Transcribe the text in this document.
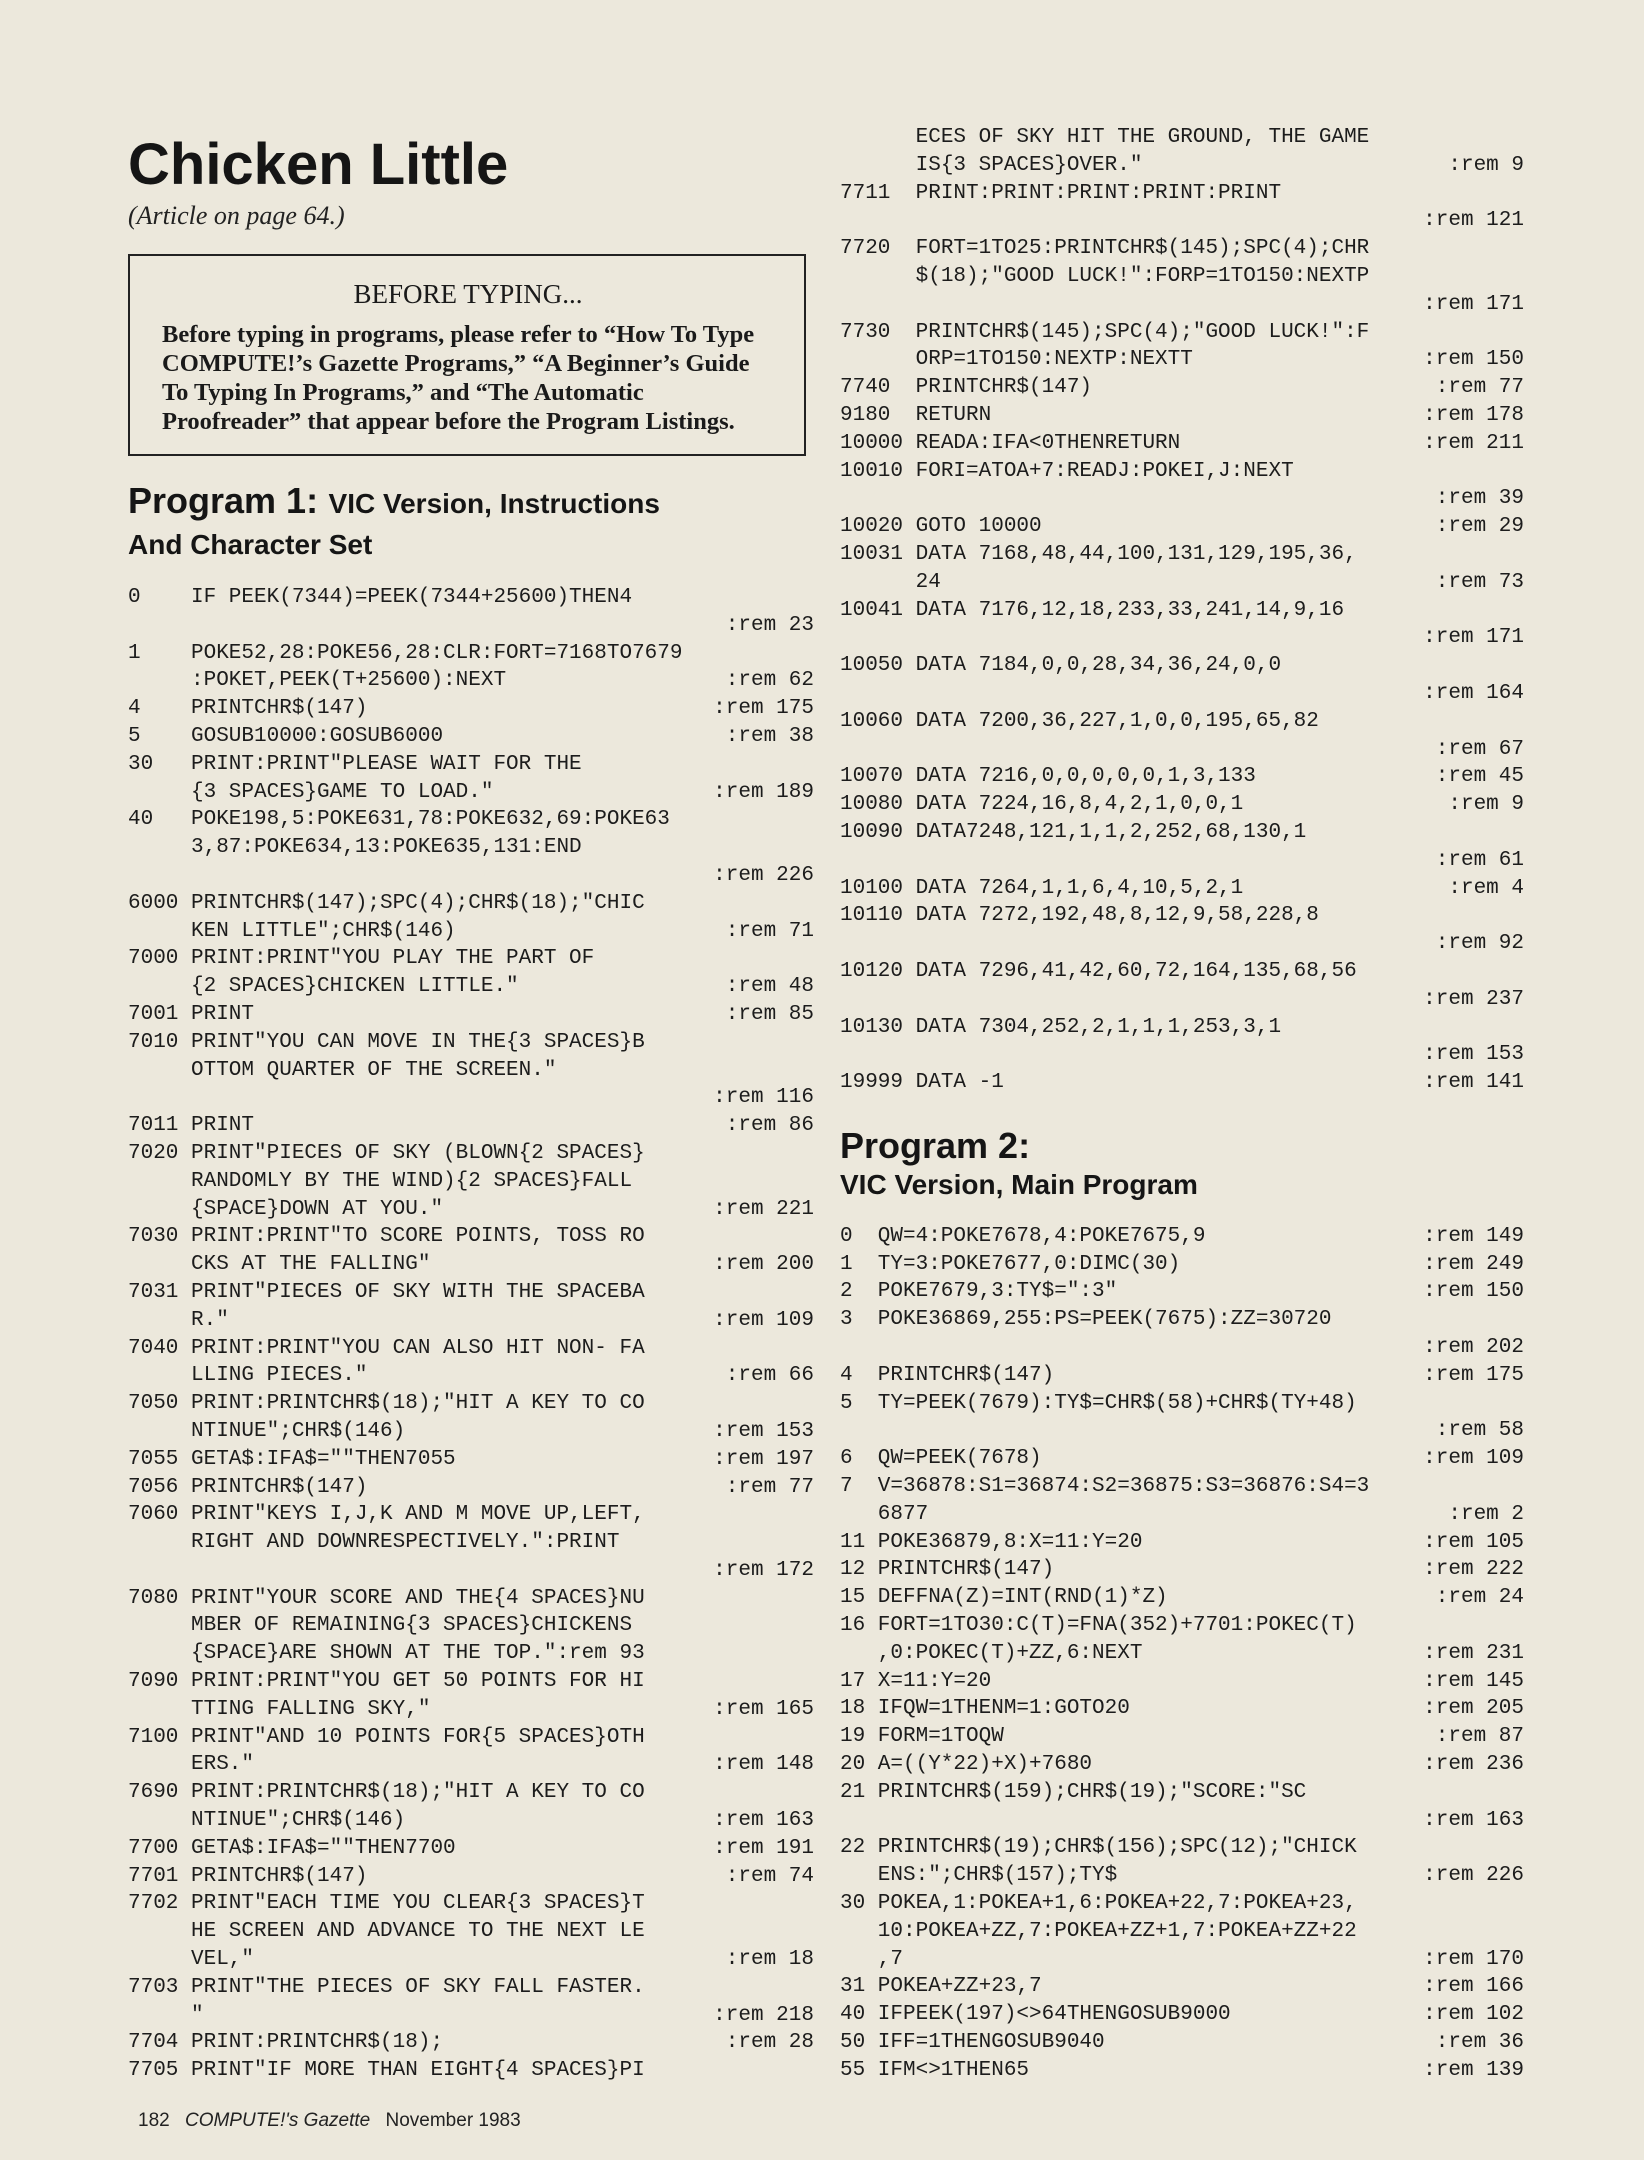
Chicken Little
(Article on page 64.)
BEFORE TYPING...
Before typing in programs, please refer to “How To Type COMPUTE!’s Gazette Programs,” “A Beginner’s Guide To Typing In Programs,” and “The Automatic Proofreader” that appear before the Program Listings.
Program 1: VIC Version, Instructions
And Character Set
0	IF PEEK(7344)=PEEK(7344+25600)THEN4
:rem 23
1	POKE52,28:POKE56,28:CLR:FORT=7168TO7679
:POKET,PEEK(T+25600):NEXT	:rem 62
4	PRINTCHR$(147)	:rem 175
5	GOSUB10000:GOSUB6000	:rem 38
30	PRINT:PRINT"PLEASE WAIT FOR THE
{3 SPACES}GAME TO LOAD."	:rem 189
40	POKE198,5:POKE631,78:POKE632,69:POKE63
3,87:POKE634,13:POKE635,131:END
:rem 226
6000 PRINTCHR$(147);SPC(4);CHR$(18);"CHIC
KEN LITTLE";CHR$(146)	:rem 71
7000 PRINT:PRINT"YOU PLAY THE PART OF
{2 SPACES}CHICKEN LITTLE."	:rem 48
7001 PRINT	:rem 85
7010 PRINT"YOU CAN MOVE IN THE{3 SPACES}B
OTTOM QUARTER OF THE SCREEN."
:rem 116
7011 PRINT	:rem 86
7020 PRINT"PIECES OF SKY (BLOWN{2 SPACES}
RANDOMLY BY THE WIND){2 SPACES}FALL
{SPACE}DOWN AT YOU."	:rem 221
7030 PRINT:PRINT"TO SCORE POINTS, TOSS RO
CKS AT THE FALLING"	:rem 200
7031 PRINT"PIECES OF SKY WITH THE SPACEBA
R."	:rem 109
7040 PRINT:PRINT"YOU CAN ALSO HIT NON- FA
LLING PIECES."	:rem 66
7050 PRINT:PRINTCHR$(18);"HIT A KEY TO CO
NTINUE";CHR$(146)	:rem 153
7055 GETA$:IFA$=""THEN7055	:rem 197
7056 PRINTCHR$(147)	:rem 77
7060 PRINT"KEYS I,J,K AND M MOVE UP,LEFT,
RIGHT AND DOWNRESPECTIVELY.":PRINT
:rem 172
7080 PRINT"YOUR SCORE AND THE{4 SPACES}NU
MBER OF REMAINING{3 SPACES}CHICKENS
{SPACE}ARE SHOWN AT THE TOP.":rem 93
7090 PRINT:PRINT"YOU GET 50 POINTS FOR HI
TTING FALLING SKY,"	:rem 165
7100 PRINT"AND 10 POINTS FOR{5 SPACES}OTH
ERS."	:rem 148
7690 PRINT:PRINTCHR$(18);"HIT A KEY TO CO
NTINUE";CHR$(146)	:rem 163
7700 GETA$:IFA$=""THEN7700	:rem 191
7701 PRINTCHR$(147)	:rem 74
7702 PRINT"EACH TIME YOU CLEAR{3 SPACES}T
HE SCREEN AND ADVANCE TO THE NEXT LE
VEL,"	:rem 18
7703 PRINT"THE PIECES OF SKY FALL FASTER.
"	:rem 218
7704 PRINT:PRINTCHR$(18);	:rem 28
7705 PRINT"IF MORE THAN EIGHT{4 SPACES}PI
ECES OF SKY HIT THE GROUND, THE GAME
IS{3 SPACES}OVER."	:rem 9
7711	PRINT:PRINT:PRINT:PRINT:PRINT
:rem 121
7720	FORT=1TO25:PRINTCHR$(145);SPC(4);CHR
$(18);"GOOD LUCK!":FORP=1TO150:NEXTP
:rem 171
7730	PRINTCHR$(145);SPC(4);"GOOD LUCK!":F
ORP=1TO150:NEXTP:NEXTT	:rem 150
7740	PRINTCHR$(147)	:rem 77
9180	RETURN	:rem 178
10000 READA:IFA<0THENRETURN	:rem 211
10010 FORI=ATOA+7:READJ:POKEI,J:NEXT
:rem 39
10020 GOTO 10000	:rem 29
10031 DATA 7168,48,44,100,131,129,195,36,
24	:rem 73
10041 DATA 7176,12,18,233,33,241,14,9,16
:rem 171
10050 DATA 7184,0,0,28,34,36,24,0,0
:rem 164
10060 DATA 7200,36,227,1,0,0,195,65,82
:rem 67
10070 DATA 7216,0,0,0,0,0,1,3,133	:rem 45
10080 DATA 7224,16,8,4,2,1,0,0,1	:rem 9
10090 DATA7248,121,1,1,2,252,68,130,1
:rem 61
10100 DATA 7264,1,1,6,4,10,5,2,1	:rem 4
10110 DATA 7272,192,48,8,12,9,58,228,8
:rem 92
10120 DATA 7296,41,42,60,72,164,135,68,56
:rem 237
10130 DATA 7304,252,2,1,1,1,253,3,1
:rem 153
19999 DATA -1	:rem 141
Program 2:
VIC Version, Main Program
0	QW=4:POKE7678,4:POKE7675,9	:rem 149
1	TY=3:POKE7677,0:DIMC(30)	:rem 249
2	POKE7679,3:TY$=":3"	:rem 150
3	POKE36869,255:PS=PEEK(7675):ZZ=30720
:rem 202
4	PRINTCHR$(147)	:rem 175
5	TY=PEEK(7679):TY$=CHR$(58)+CHR$(TY+48)
:rem 58
6	QW=PEEK(7678)	:rem 109
7	V=36878:S1=36874:S2=36875:S3=36876:S4=3
6877	:rem 2
11 POKE36879,8:X=11:Y=20	:rem 105
12 PRINTCHR$(147)	:rem 222
15 DEFFNA(Z)=INT(RND(1)*Z)	:rem 24
16 FORT=1TO30:C(T)=FNA(352)+7701:POKEC(T)
,0:POKEC(T)+ZZ,6:NEXT	:rem 231
17 X=11:Y=20	:rem 145
18 IFQW=1THENM=1:GOTO20	:rem 205
19 FORM=1TOQW	:rem 87
20 A=((Y*22)+X)+7680	:rem 236
21 PRINTCHR$(159);CHR$(19);"SCORE:"SC
:rem 163
22 PRINTCHR$(19);CHR$(156);SPC(12);"CHICK
ENS:";CHR$(157);TY$	:rem 226
30 POKEA,1:POKEA+1,6:POKEA+22,7:POKEA+23,
10:POKEA+ZZ,7:POKEA+ZZ+1,7:POKEA+ZZ+22
,7	:rem 170
31 POKEA+ZZ+23,7	:rem 166
40 IFPEEK(197)<>64THENGOSUB9000	:rem 102
50 IFF=1THENGOSUB9040	:rem 36
55 IFM<>1THEN65	:rem 139
182 COMPUTE!'s Gazette November 1983
